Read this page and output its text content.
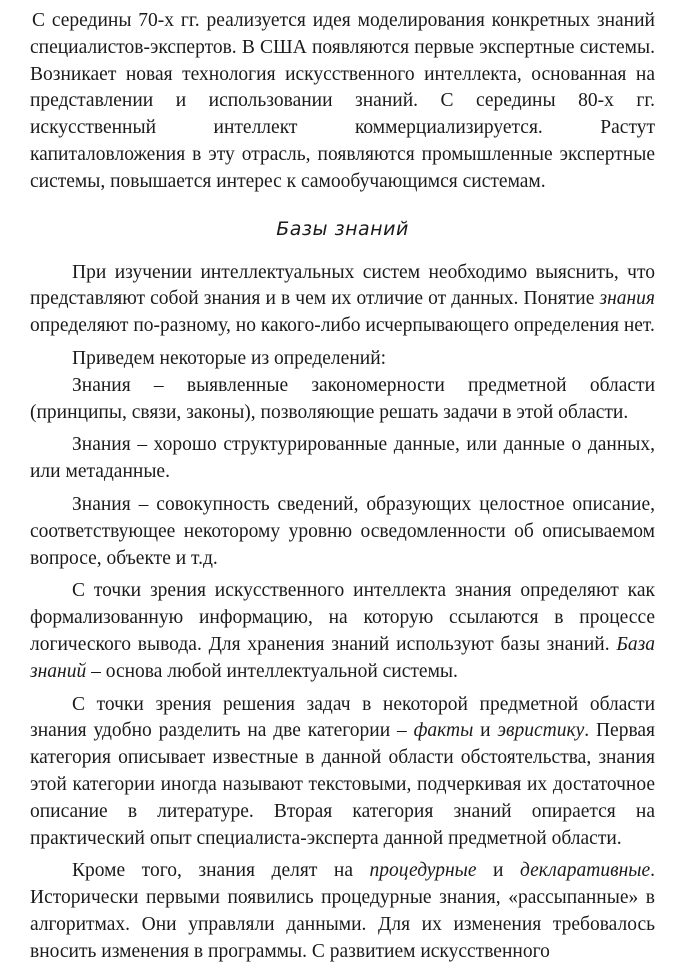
С середины 70-х гг. реализуется идея моделирования конкретных знаний специалистов-экспертов. В США появляются первые экспертные системы. Возникает новая технология искусственного интеллекта, основанная на представлении и использовании знаний. С середины 80-х гг. искусственный интеллект коммерциализируется. Растут капиталовложения в эту отрасль, появляются промышленные экспертные системы, повышается интерес к самообучающимся системам.

Базы знаний

При изучении интеллектуальных систем необходимо выяснить, что представляют собой знания и в чем их отличие от данных. Понятие знания определяют по-разному, но какого-либо исчерпывающего определения нет.

Приведем некоторые из определений:

Знания – выявленные закономерности предметной области (принципы, связи, законы), позволяющие решать задачи в этой области.

Знания – хорошо структурированные данные, или данные о данных, или метаданные.

Знания – совокупность сведений, образующих целостное описание, соответствующее некоторому уровню осведомленности об описываемом вопросе, объекте и т.д.

С точки зрения искусственного интеллекта знания определяют как формализованную информацию, на которую ссылаются в процессе логического вывода. Для хранения знаний используют базы знаний. База знаний – основа любой интеллектуальной системы.

С точки зрения решения задач в некоторой предметной области знания удобно разделить на две категории – факты и эвристику. Первая категория описывает известные в данной области обстоятельства, знания этой категории иногда называют текстовыми, подчеркивая их достаточное описание в литературе. Вторая категория знаний опирается на практический опыт специалиста-эксперта данной предметной области.

Кроме того, знания делят на процедурные и декларативные. Исторически первыми появились процедурные знания, «рассыпанные» в алгоритмах. Они управляли данными. Для их изменения требовалось вносить изменения в программы. С развитием искусственного
